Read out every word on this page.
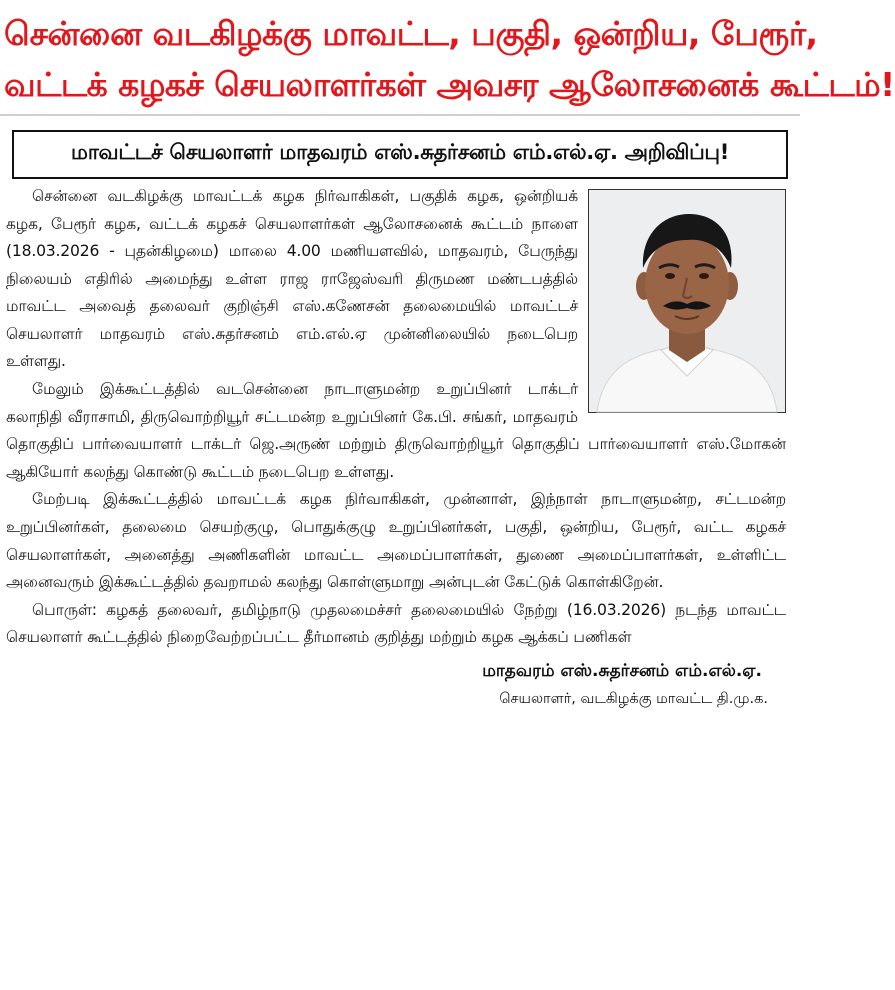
சென்னை வடகிழக்கு மாவட்ட, பகுதி, ஒன்றிய, பேரூர்,
வட்டக் கழகச் செயலாளர்கள் அவசர ஆலோசனைக் கூட்டம்!
மாவட்டச் செயலாளர் மாதவரம் எஸ்.சுதர்சனம் எம்.எல்.ஏ. அறிவிப்பு!

சென்னை வடகிழக்கு மாவட்டக் கழக நிர்வாகிகள், பகுதிக் கழக, ஒன்றியக் கழக, பேரூர் கழக, வட்டக் கழகச் செயலாளர்கள் ஆலோசனைக் கூட்டம் நாளை (18.03.2026 - புதன்கிழமை) மாலை 4.00 மணியளவில், மாதவரம், பேருந்து நிலையம் எதிரில் அமைந்து உள்ள ராஜ ராஜேஸ்வரி திருமண மண்டபத்தில் மாவட்ட அவைத் தலைவர் குறிஞ்சி எஸ்.கணேசன் தலைமையில் மாவட்டச் செயலாளர் மாதவரம் எஸ்.சுதர்சனம் எம்.எல்.ஏ முன்னிலையில் நடைபெற உள்ளது.

மேலும் இக்கூட்டத்தில் வடசென்னை நாடாளுமன்ற உறுப்பினர் டாக்டர் கலாநிதி வீராசாமி, திருவொற்றியூர் சட்டமன்ற உறுப்பினர் கே.பி. சங்கர், மாதவரம் தொகுதிப் பார்வையாளர் டாக்டர் ஜெ.அருண் மற்றும் திருவொற்றியூர் தொகுதிப் பார்வையாளர் எஸ்.மோகன் ஆகியோர் கலந்து கொண்டு கூட்டம் நடைபெற உள்ளது.

மேற்படி இக்கூட்டத்தில் மாவட்டக் கழக நிர்வாகிகள், முன்னாள், இந்நாள் நாடாளுமன்ற, சட்டமன்ற உறுப்பினர்கள், தலைமை செயற்குழு, பொதுக்குழு உறுப்பினர்கள், பகுதி, ஒன்றிய, பேரூர், வட்ட கழகச் செயலாளர்கள், அனைத்து அணிகளின் மாவட்ட அமைப்பாளர்கள், துணை அமைப்பாளர்கள், உள்ளிட்ட அனைவரும் இக்கூட்டத்தில் தவறாமல் கலந்து கொள்ளுமாறு அன்புடன் கேட்டுக் கொள்கிறேன்.

பொருள்: கழகத் தலைவர், தமிழ்நாடு முதலமைச்சர் தலைமையில் நேற்று (16.03.2026) நடந்த மாவட்ட செயலாளர் கூட்டத்தில் நிறைவேற்றப்பட்ட தீர்மானம் குறித்து மற்றும் கழக ஆக்கப் பணிகள்

மாதவரம் எஸ்.சுதர்சனம் எம்.எல்.ஏ.
செயலாளர், வடகிழக்கு மாவட்ட தி.மு.க.
